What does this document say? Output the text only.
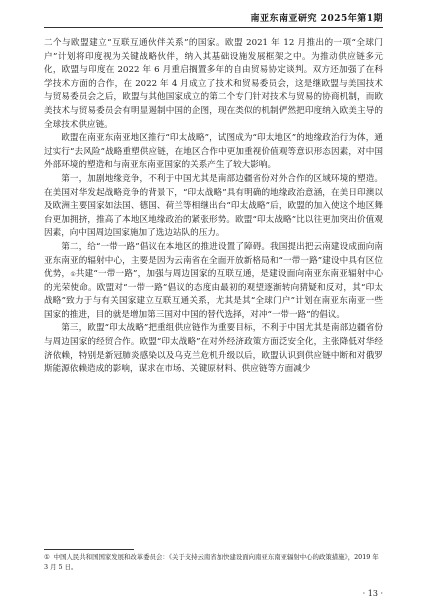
南亚东南亚研究 2025年第1期

二个与欧盟建立“互联互通伙伴关系”的国家。欧盟 2021 年 12 月推出的一项“全球门户”计划将印度视为关键战略伙伴，纳入其基础设施发展框架之中。为推动供应链多元化，欧盟与印度在 2022 年 6 月重启搁置多年的自由贸易协定谈判。双方还加强了在科学技术方面的合作，在 2022 年 4 月成立了技术和贸易委员会，这是继欧盟与美国技术与贸易委员会之后，欧盟与其他国家成立的第二个专门针对技术与贸易的协商机制，而欧美技术与贸易委员会有明显遏制中国的企图，现在类似的机制俨然把印度纳入欧美主导的全球技术供应链。

欧盟在南亚东南亚地区推行“印太战略”，试图成为“印太地区”的地缘政治行为体，通过实行“去风险”战略重塑供应链，在地区合作中更加重视价值观等意识形态因素，对中国外部环境的塑造和与南亚东南亚国家的关系产生了较大影响。

第一，加剧地缘竞争，不利于中国尤其是南部边疆省份对外合作的区域环境的塑造。在美国对华发起战略竞争的背景下，“印太战略”具有明确的地缘政治意涵，在美日印澳以及欧洲主要国家如法国、德国、荷兰等相继出台“印太战略”后，欧盟的加入使这个地区舞台更加拥挤，推高了本地区地缘政治的紧张形势。欧盟“印太战略”比以往更加突出价值观因素，向中国周边国家施加了选边站队的压力。

第二，给“一带一路”倡议在本地区的推进设置了障碍。我国提出把云南建设成面向南亚东南亚的辐射中心，主要是因为云南省在全面开放新格局和“一带一路”建设中具有区位优势，①共建“一带一路”，加强与周边国家的互联互通，是建设面向南亚东南亚辐射中心的光荣使命。欧盟对“一带一路”倡议的态度由最初的观望逐渐转向猜疑和反对，其“印太战略”致力于与有关国家建立互联互通关系，尤其是其“全球门户”计划在南亚东南亚一些国家的推进，目的就是增加第三国对中国的替代选择，对冲“一带一路”的倡议。

第三，欧盟“印太战略”把重组供应链作为重要目标，不利于中国尤其是南部边疆省份与周边国家的经贸合作。欧盟“印太战略”在对外经济政策方面泛安全化，主张降低对华经济依赖，特别是新冠肺炎感染以及乌克兰危机升级以后，欧盟认识到供应链中断和对俄罗斯能源依赖造成的影响，谋求在市场、关键原材料、供应链等方面减少

① 中国人民共和国国家发展和改革委员会：《关于支持云南省加快建设面向南亚东南亚辐射中心的政策措施》，2019 年 3 月 5 日。
· 13 ·
